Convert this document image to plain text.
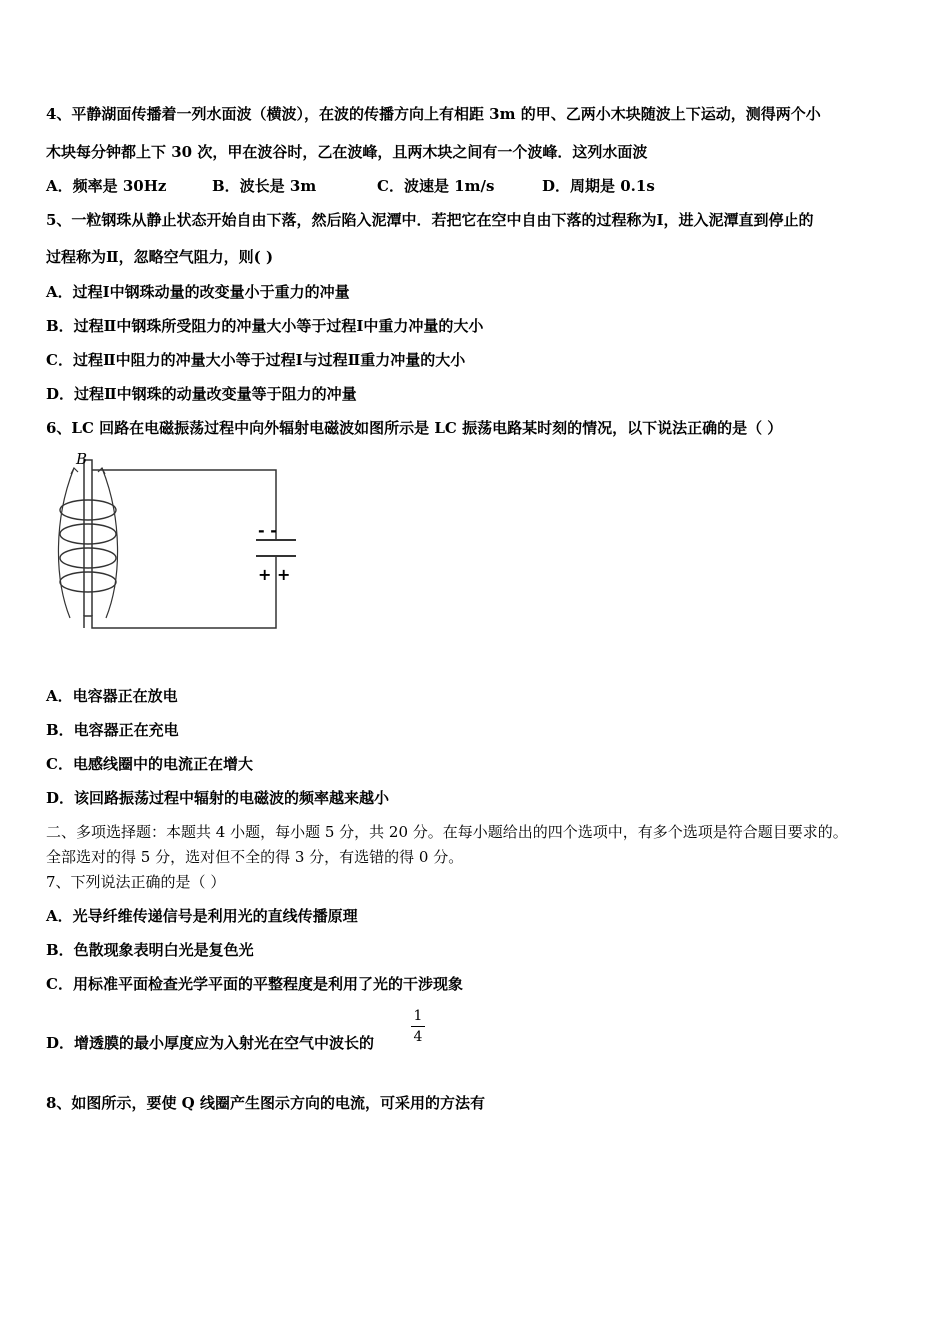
4、平静湖面传播着一列水面波（横波），在波的传播方向上有相距 3m 的甲、乙两小木块随波上下运动，测得两个小
木块每分钟都上下 30 次，甲在波谷时，乙在波峰，且两木块之间有一个波峰．这列水面波
A．频率是 30Hz	B．波长是 3m	C．波速是 1m/s	D．周期是 0.1s
5、一粒钢珠从静止状态开始自由下落，然后陷入泥潭中．若把它在空中自由下落的过程称为Ⅰ，进入泥潭直到停止的
过程称为Ⅱ，忽略空气阻力，则( )
A．过程Ⅰ中钢珠动量的改变量小于重力的冲量
B．过程Ⅱ中钢珠所受阻力的冲量大小等于过程Ⅰ中重力冲量的大小
C．过程Ⅱ中阻力的冲量大小等于过程Ⅰ与过程Ⅱ重力冲量的大小
D．过程Ⅱ中钢珠的动量改变量等于阻力的冲量
6、LC 回路在电磁振荡过程中向外辐射电磁波如图所示是 LC 振荡电路某时刻的情况，以下说法正确的是（ ）
B
- -
+ +
A．电容器正在放电
B．电容器正在充电
C．电感线圈中的电流正在增大
D．该回路振荡过程中辐射的电磁波的频率越来越小
二、多项选择题：本题共 4 小题，每小题 5 分，共 20 分。在每小题给出的四个选项中，有多个选项是符合题目要求的。
全部选对的得 5 分，选对但不全的得 3 分，有选错的得 0 分。
7、下列说法正确的是（ ）
A．光导纤维传递信号是利用光的直线传播原理
B．色散现象表明白光是复色光
C．用标准平面检查光学平面的平整程度是利用了光的干涉现象
D．增透膜的最小厚度应为入射光在空气中波长的
1
4
8、如图所示，要使 Q 线圈产生图示方向的电流，可采用的方法有
